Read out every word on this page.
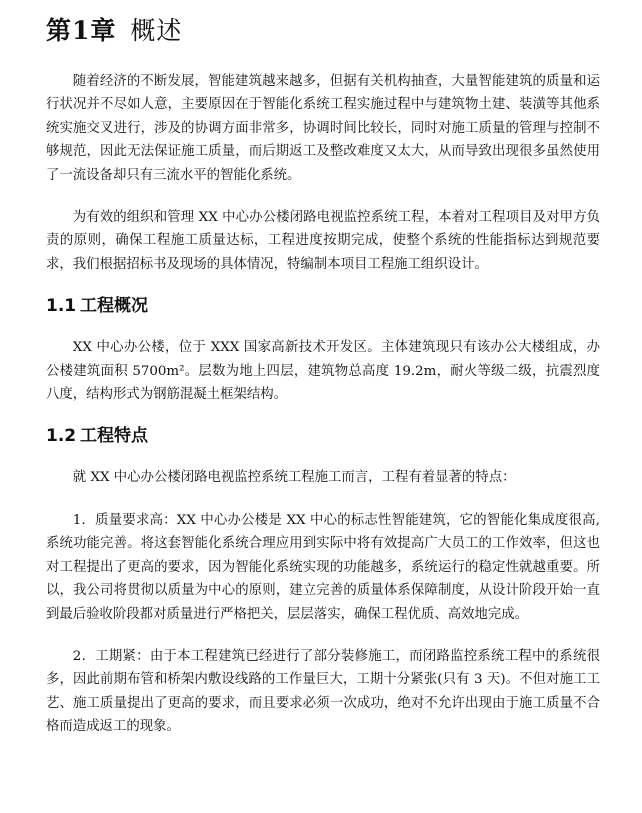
第1章 概述

随着经济的不断发展，智能建筑越来越多，但据有关机构抽查，大量智能建筑的质量和运行状况并不尽如人意，主要原因在于智能化系统工程实施过程中与建筑物土建、装潢等其他系统实施交叉进行，涉及的协调方面非常多，协调时间比较长，同时对施工质量的管理与控制不够规范，因此无法保证施工质量，而后期返工及整改难度又太大，从而导致出现很多虽然使用了一流设备却只有三流水平的智能化系统。

为有效的组织和管理 XX 中心办公楼闭路电视监控系统工程，本着对工程项目及对甲方负责的原则，确保工程施工质量达标，工程进度按期完成，使整个系统的性能指标达到规范要求，我们根据招标书及现场的具体情况，特编制本项目工程施工组织设计。

1.1 工程概况

XX 中心办公楼，位于 XXX 国家高新技术开发区。主体建筑现只有该办公大楼组成，办公楼建筑面积 5700m²。层数为地上四层，建筑物总高度 19.2m，耐火等级二级，抗震烈度八度，结构形式为钢筋混凝土框架结构。

1.2 工程特点

就 XX 中心办公楼闭路电视监控系统工程施工而言，工程有着显著的特点：

1．质量要求高：XX 中心办公楼是 XX 中心的标志性智能建筑，它的智能化集成度很高,系统功能完善。将这套智能化系统合理应用到实际中将有效提高广大员工的工作效率，但这也对工程提出了更高的要求，因为智能化系统实现的功能越多，系统运行的稳定性就越重要。所以，我公司将贯彻以质量为中心的原则，建立完善的质量体系保障制度，从设计阶段开始一直到最后验收阶段都对质量进行严格把关，层层落实，确保工程优质、高效地完成。

2．工期紧：由于本工程建筑已经进行了部分装修施工，而闭路监控系统工程中的系统很多，因此前期布管和桥架内敷设线路的工作量巨大，工期十分紧张(只有 3 天)。不但对施工工艺、施工质量提出了更高的要求，而且要求必须一次成功，绝对不允许出现由于施工质量不合格而造成返工的现象。
